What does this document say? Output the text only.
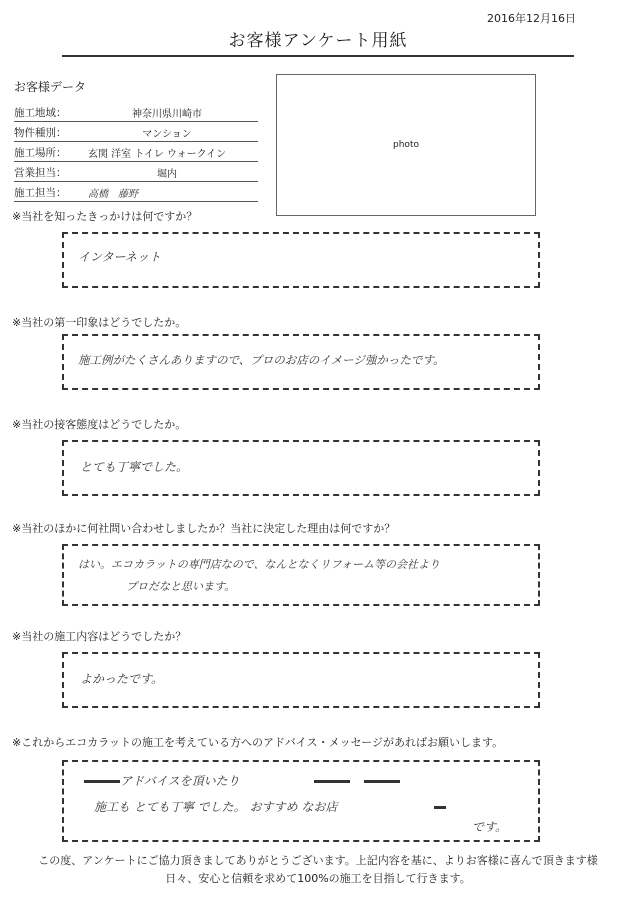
2016年12月16日
お客様アンケート用紙
お客様データ
施工地域：	神奈川県川崎市
物件種別：	マンション
施工場所：	玄関 洋室 トイレ ウォークイン
営業担当：	堀内
施工担当：	高橋　藤野
photo
※当社を知ったきっかけは何ですか？
インターネット
※当社の第一印象はどうでしたか。
施工例がたくさんありますので、プロのお店のイメージ強かったです。
※当社の接客態度はどうでしたか。
とても丁寧でした。
※当社のほかに何社問い合わせしましたか？当社に決定した理由は何ですか？
はい。エコカラットの専門店なので、なんとなくリフォーム等の会社より
プロだなと思います。
※当社の施工内容はどうでしたか？
よかったです。
※これからエコカラットの施工を考えている方へのアドバイス・メッセージがあればお願いします。
ーーー アドバイスを頂いたり	ーーー ーーー
施工も とても丁寧 でした。 おすすめ なお店	ー
です。
この度、アンケートにご協力頂きましてありがとうございます。上記内容を基に、よりお客様に喜んで頂きます様
日々、安心と信頼を求めて100%の施工を目指して行きます。
